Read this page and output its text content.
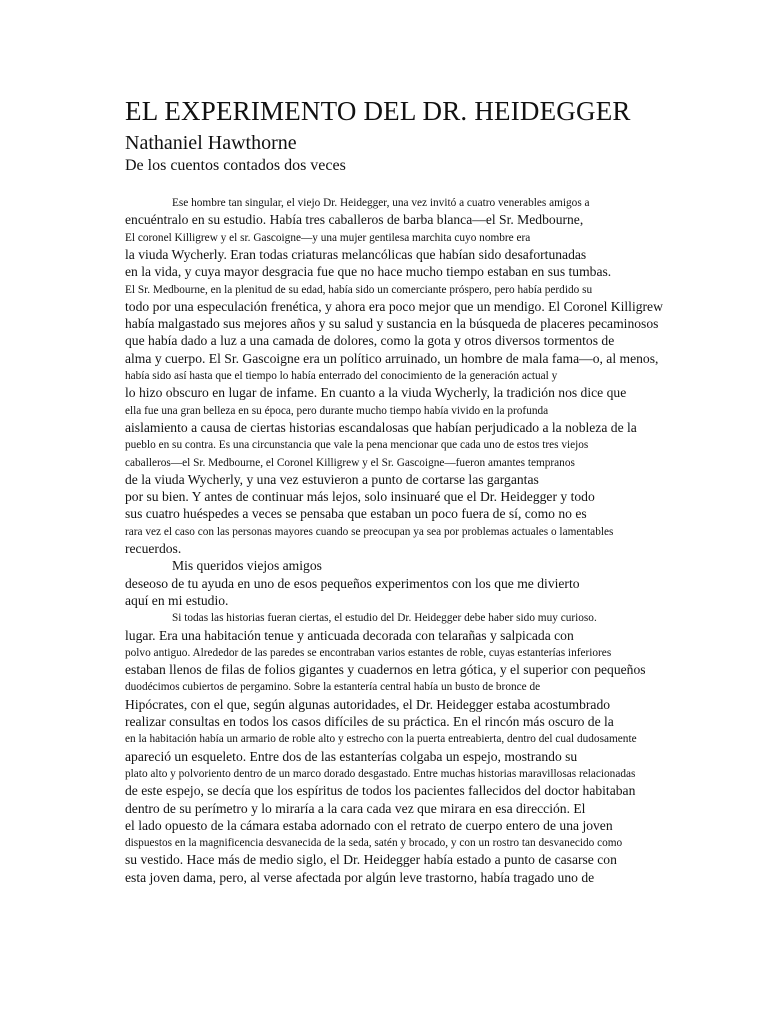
EL EXPERIMENTO DEL DR. HEIDEGGER
Nathaniel Hawthorne
De los cuentos contados dos veces
Ese hombre tan singular, el viejo Dr. Heidegger, una vez invitó a cuatro venerables amigos a
encuéntralo en su estudio. Había tres caballeros de barba blanca—el Sr. Medbourne,
El coronel Killigrew y el sr. Gascoigne—y una mujer gentilesa marchita cuyo nombre era
la viuda Wycherly. Eran todas criaturas melancólicas que habían sido desafortunadas
en la vida, y cuya mayor desgracia fue que no hace mucho tiempo estaban en sus tumbas.
El Sr. Medbourne, en la plenitud de su edad, había sido un comerciante próspero, pero había perdido su
todo por una especulación frenética, y ahora era poco mejor que un mendigo. El Coronel Killigrew
había malgastado sus mejores años y su salud y sustancia en la búsqueda de placeres pecaminosos
que había dado a luz a una camada de dolores, como la gota y otros diversos tormentos de
alma y cuerpo. El Sr. Gascoigne era un político arruinado, un hombre de mala fama—o, al menos,
había sido así hasta que el tiempo lo había enterrado del conocimiento de la generación actual y
lo hizo obscuro en lugar de infame. En cuanto a la viuda Wycherly, la tradición nos dice que
ella fue una gran belleza en su época, pero durante mucho tiempo había vivido en la profunda
aislamiento a causa de ciertas historias escandalosas que habían perjudicado a la nobleza de la
pueblo en su contra. Es una circunstancia que vale la pena mencionar que cada uno de estos tres viejos
caballeros—el Sr. Medbourne, el Coronel Killigrew y el Sr. Gascoigne—fueron amantes tempranos
de la viuda Wycherly, y una vez estuvieron a punto de cortarse las gargantas
por su bien. Y antes de continuar más lejos, solo insinuaré que el Dr. Heidegger y todo
sus cuatro huéspedes a veces se pensaba que estaban un poco fuera de sí, como no es
rara vez el caso con las personas mayores cuando se preocupan ya sea por problemas actuales o lamentables
recuerdos.
Mis queridos viejos amigos
deseoso de tu ayuda en uno de esos pequeños experimentos con los que me divierto
aquí en mi estudio.
Si todas las historias fueran ciertas, el estudio del Dr. Heidegger debe haber sido muy curioso.
lugar. Era una habitación tenue y anticuada decorada con telarañas y salpicada con
polvo antiguo. Alrededor de las paredes se encontraban varios estantes de roble, cuyas estanterías inferiores
estaban llenos de filas de folios gigantes y cuadernos en letra gótica, y el superior con pequeños
duodécimos cubiertos de pergamino. Sobre la estantería central había un busto de bronce de
Hipócrates, con el que, según algunas autoridades, el Dr. Heidegger estaba acostumbrado
realizar consultas en todos los casos difíciles de su práctica. En el rincón más oscuro de la
en la habitación había un armario de roble alto y estrecho con la puerta entreabierta, dentro del cual dudosamente
apareció un esqueleto. Entre dos de las estanterías colgaba un espejo, mostrando su
plato alto y polvoriento dentro de un marco dorado desgastado. Entre muchas historias maravillosas relacionadas
de este espejo, se decía que los espíritus de todos los pacientes fallecidos del doctor habitaban
dentro de su perímetro y lo miraría a la cara cada vez que mirara en esa dirección. El
el lado opuesto de la cámara estaba adornado con el retrato de cuerpo entero de una joven
dispuestos en la magnificencia desvanecida de la seda, satén y brocado, y con un rostro tan desvanecido como
su vestido. Hace más de medio siglo, el Dr. Heidegger había estado a punto de casarse con
esta joven dama, pero, al verse afectada por algún leve trastorno, había tragado uno de
